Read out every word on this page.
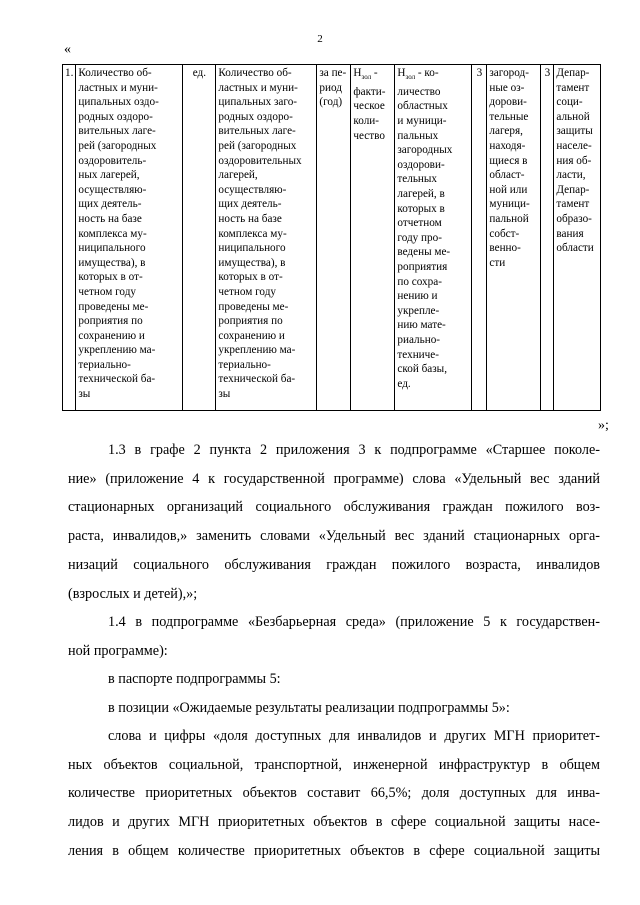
2
«
1.	Количество об-
ластных и муни-
ципальных оздо-
родных оздоро-
вительных лаге-
рей (загородных
оздоровитель-
ных лагерей,
осуществляю-
щих деятель-
ность на базе
комплекса му-
ниципального
имущества), в
которых в от-
четном году
проведены ме-
роприятия по
сохранению и
укреплению ма-
териально-
технической ба-
зы	ед.	Количество об-
ластных и муни-
ципальных заго-
родных оздоро-
вительных лаге-
рей (загородных
оздоровительных
лагерей,
осуществляю-
щих деятель-
ность на базе
комплекса му-
ниципального
имущества), в
которых в от-
четном году
проведены ме-
роприятия по
сохранению и
укреплению ма-
териально-
технической ба-
зы	за пе-
риод
(год)	$H_{зол}$ - факти-
ческое
коли-
чество	$H_{зол} - ко-$
личество
областных
и муници-
пальных
загородных
оздорови-
тельных
лагерей, в
которых в
отчетном
году про-
ведены ме-
роприятия
по сохра-
нению и
укрепле-
нию мате-
риально-
техниче-
ской базы,
ед.	3	загород-
ные оз-
дорови-
тельные
лагеря,
находя-
щиеся в
област-
ной или
муници-
пальной
собст-
венно-
сти	3	Депар-
тамент
соци-
альной
защиты
населе-
ния об-
ласти,
Депар-
тамент
образо-
вания
области
»;
1.3 в графе 2 пункта 2 приложения 3 к подпрограмме «Старшее поколе-
ние» (приложение 4 к государственной программе) слова «Удельный вес зданий
стационарных организаций социального обслуживания граждан пожилого воз-
раста, инвалидов,» заменить словами «Удельный вес зданий стационарных орга-
низаций социального обслуживания граждан пожилого возраста, инвалидов
(взрослых и детей),»;
1.4 в подпрограмме «Безбарьерная среда» (приложение 5 к государствен-
ной программе):
в паспорте подпрограммы 5:
в позиции «Ожидаемые результаты реализации подпрограммы 5»:
слова и цифры «доля доступных для инвалидов и других МГН приоритет-
ных объектов социальной, транспортной, инженерной инфраструктур в общем
количестве приоритетных объектов составит 66,5%; доля доступных для инва-
лидов и других МГН приоритетных объектов в сфере социальной защиты насе-
ления в общем количестве приоритетных объектов в сфере социальной защиты
